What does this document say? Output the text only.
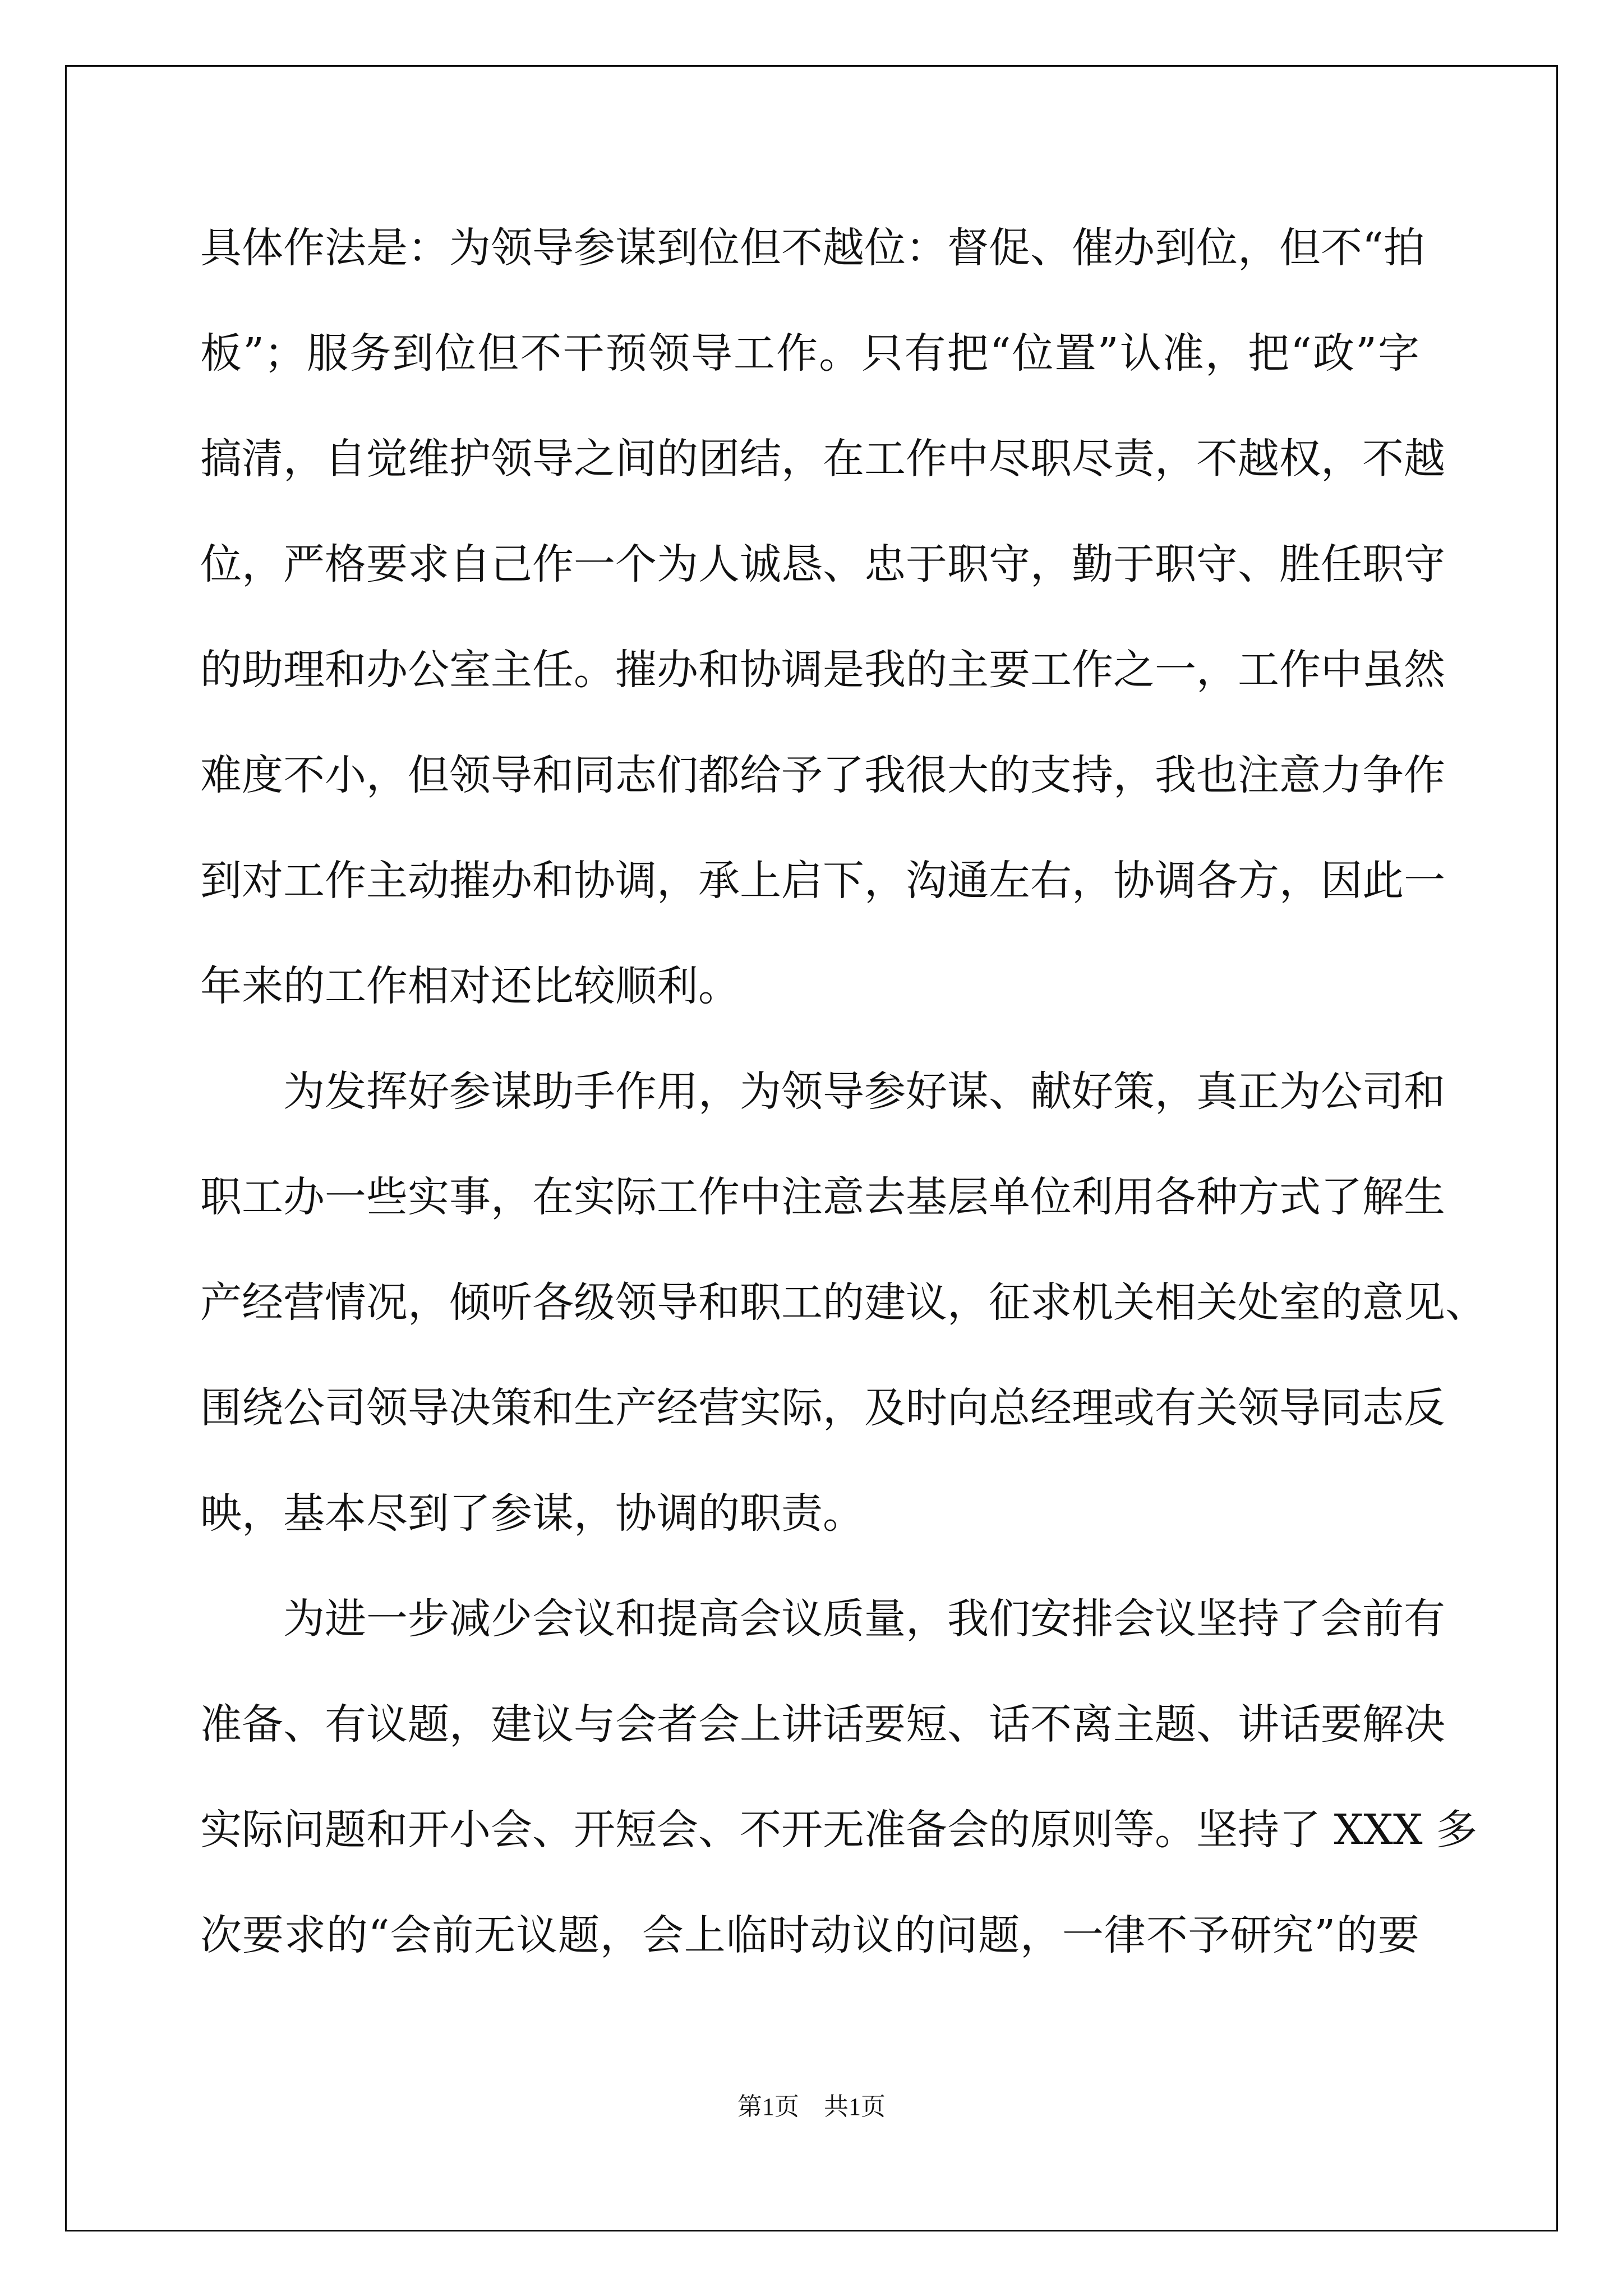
具体作法是：为领导参谋到位但不越位：督促、催办到位，但不“拍

板”；服务到位但不干预领导工作。只有把“位置”认准，把“政”字

搞清，自觉维护领导之间的团结，在工作中尽职尽责，不越权，不越

位，严格要求自己作一个为人诚恳、忠于职守，勤于职守、胜任职守

的助理和办公室主任。摧办和协调是我的主要工作之一，工作中虽然

难度不小，但领导和同志们都给予了我很大的支持，我也注意力争作

到对工作主动摧办和协调，承上启下，沟通左右，协调各方，因此一

年来的工作相对还比较顺利。

　　为发挥好参谋助手作用，为领导参好谋、献好策，真正为公司和

职工办一些实事，在实际工作中注意去基层单位利用各种方式了解生

产经营情况，倾听各级领导和职工的建议，征求机关相关处室的意见、

围绕公司领导决策和生产经营实际，及时向总经理或有关领导同志反

映，基本尽到了参谋，协调的职责。

　　为进一步减少会议和提高会议质量，我们安排会议坚持了会前有

准备、有议题，建议与会者会上讲话要短、话不离主题、讲话要解决

实际问题和开小会、开短会、不开无准备会的原则等。坚持了 XXX 多

次要求的“会前无议题，会上临时动议的问题，一律不予研究”的要

第1页　共1页
